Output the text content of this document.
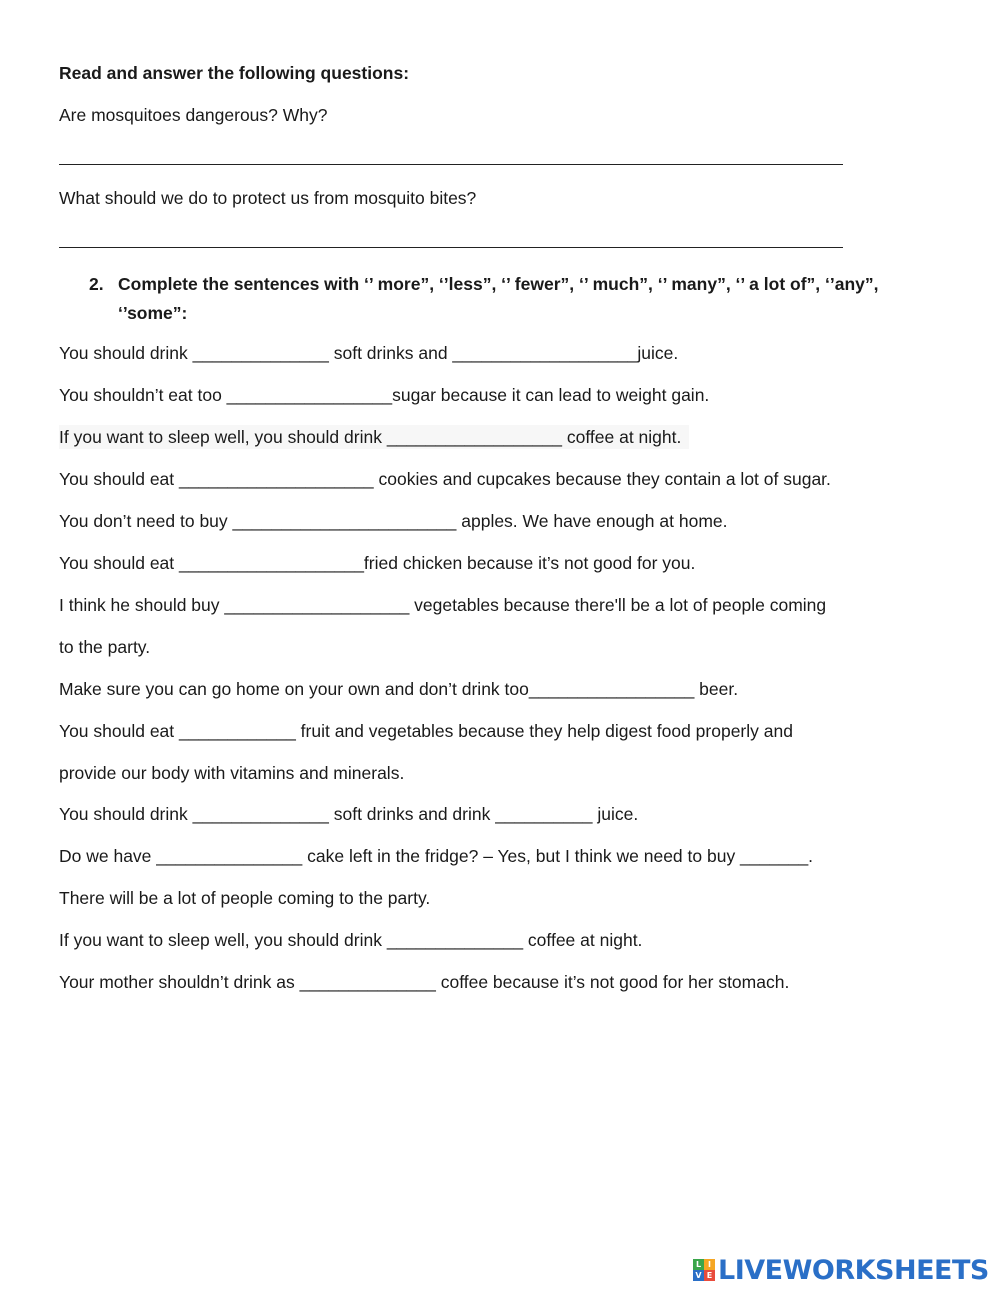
Read and answer the following questions:
Are mosquitoes dangerous? Why?
What should we do to protect us from mosquito bites?
2. Complete the sentences with ‘’ more”, ‘’less”, ‘’ fewer”, ‘’ much”, ‘’ many”, ‘’ a lot of”, ‘’any”, ‘’some”:
You should drink ______________ soft drinks and ___________________juice.
You shouldn’t eat too _________________sugar because it can lead to weight gain.
If you want to sleep well, you should drink __________________ coffee at night.
You should eat ____________________ cookies and cupcakes because they contain a lot of sugar.
You don’t need to buy _______________________ apples. We have enough at home.
You should eat ___________________fried chicken because it’s not good for you.
I think he should buy ___________________ vegetables because there'll be a lot of people coming
to the party.
Make sure you can go home on your own and don’t drink too_________________ beer.
You should eat ____________ fruit and vegetables because they help digest food properly and
provide our body with vitamins and minerals.
You should drink ______________ soft drinks and drink __________ juice.
Do we have _______________ cake left in the fridge? – Yes, but I think we need to buy _______.
There will be a lot of people coming to the party.
If you want to sleep well, you should drink ______________ coffee at night.
Your mother shouldn’t drink as ______________ coffee because it’s not good for her stomach.
L I
V E LIVEWORKSHEETS
